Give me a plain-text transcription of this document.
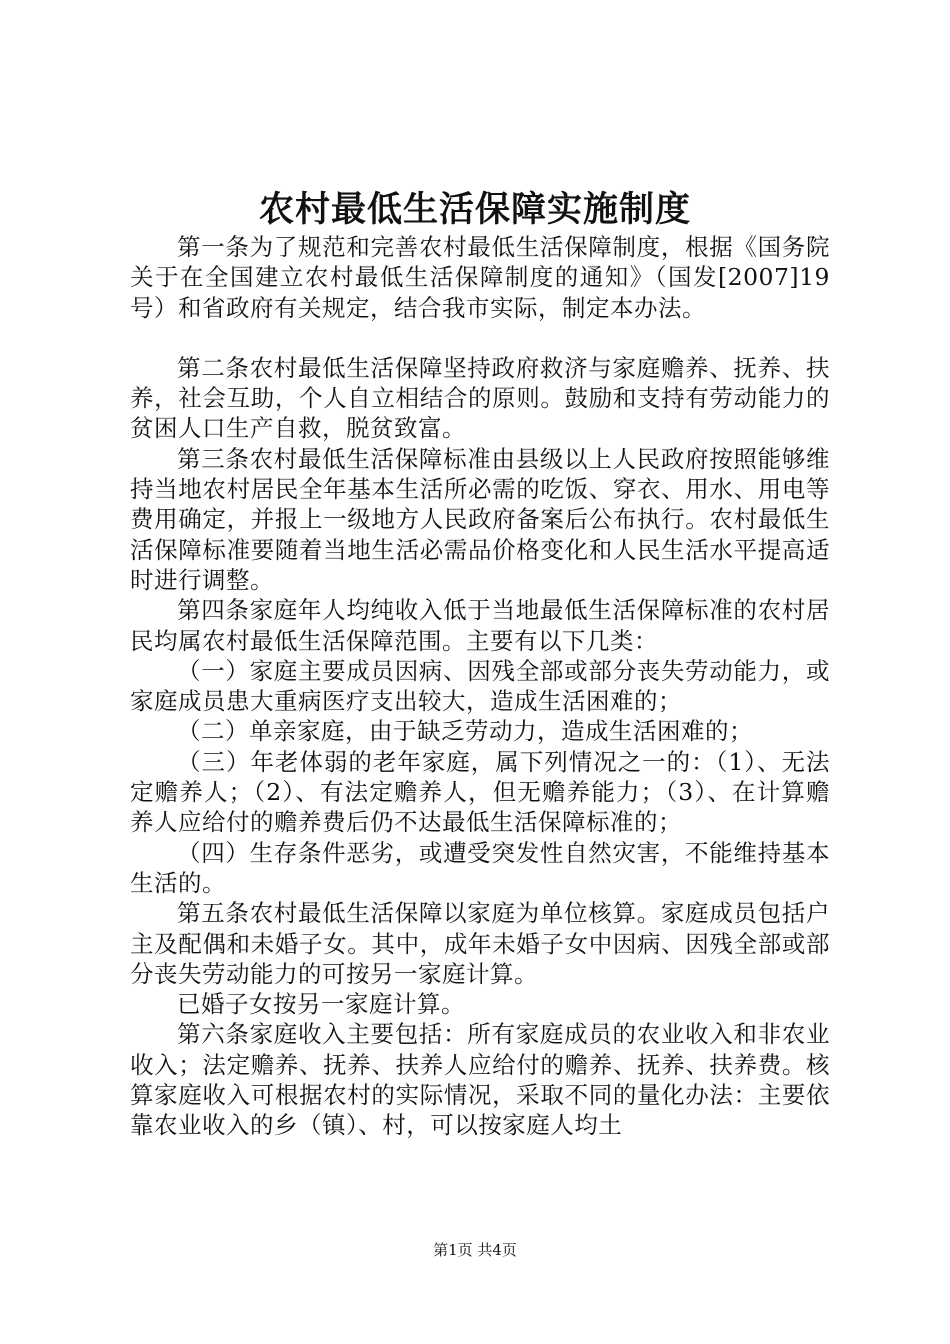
农村最低生活保障实施制度

第一条为了规范和完善农村最低生活保障制度，根据《国务院关于在全国建立农村最低生活保障制度的通知》（国发[2007]19号）和省政府有关规定，结合我市实际，制定本办法。

第二条农村最低生活保障坚持政府救济与家庭赡养、抚养、扶养，社会互助，个人自立相结合的原则。鼓励和支持有劳动能力的贫困人口生产自救，脱贫致富。

第三条农村最低生活保障标准由县级以上人民政府按照能够维持当地农村居民全年基本生活所必需的吃饭、穿衣、用水、用电等费用确定，并报上一级地方人民政府备案后公布执行。农村最低生活保障标准要随着当地生活必需品价格变化和人民生活水平提高适时进行调整。

第四条家庭年人均纯收入低于当地最低生活保障标准的农村居民均属农村最低生活保障范围。主要有以下几类：

（一）家庭主要成员因病、因残全部或部分丧失劳动能力，或家庭成员患大重病医疗支出较大，造成生活困难的；

（二）单亲家庭，由于缺乏劳动力，造成生活困难的；

（三）年老体弱的老年家庭，属下列情况之一的：（1）、无法定赡养人；（2）、有法定赡养人，但无赡养能力；（3）、在计算赡养人应给付的赡养费后仍不达最低生活保障标准的；

（四）生存条件恶劣，或遭受突发性自然灾害，不能维持基本生活的。

第五条农村最低生活保障以家庭为单位核算。家庭成员包括户主及配偶和未婚子女。其中，成年未婚子女中因病、因残全部或部分丧失劳动能力的可按另一家庭计算。

已婚子女按另一家庭计算。

第六条家庭收入主要包括：所有家庭成员的农业收入和非农业收入；法定赡养、抚养、扶养人应给付的赡养、抚养、扶养费。核算家庭收入可根据农村的实际情况，采取不同的量化办法：主要依靠农业收入的乡（镇）、村，可以按家庭人均土

第1页 共4页
